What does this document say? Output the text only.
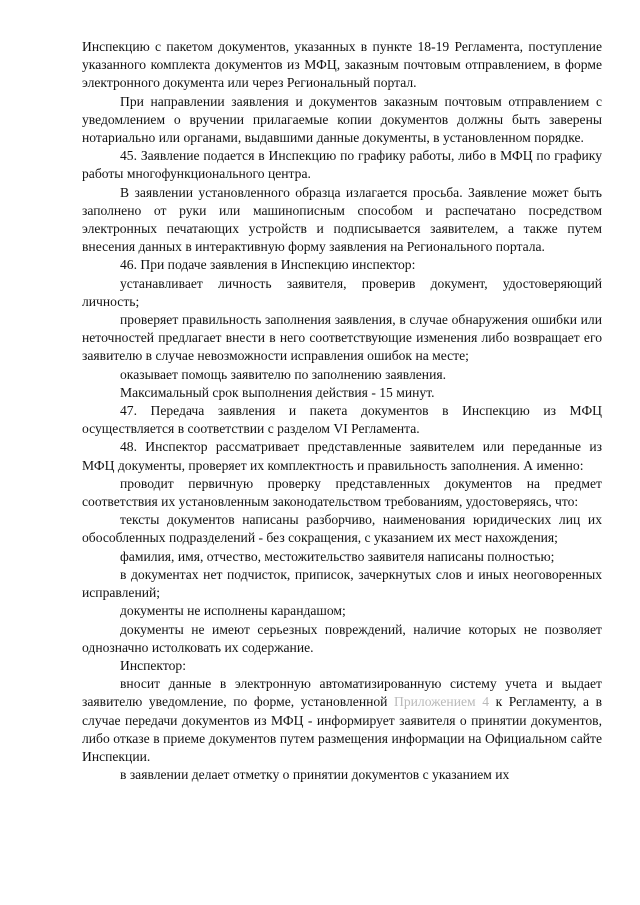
Инспекцию с пакетом документов, указанных в пункте 18-19 Регламента, поступление указанного комплекта документов из МФЦ, заказным почтовым отправлением, в форме электронного документа или через Региональный портал.

При направлении заявления и документов заказным почтовым отправлением с уведомлением о вручении прилагаемые копии документов должны быть заверены нотариально или органами, выдавшими данные документы, в установленном порядке.

45. Заявление подается в Инспекцию по графику работы, либо в МФЦ по графику работы многофункционального центра.

В заявлении установленного образца излагается просьба. Заявление может быть заполнено от руки или машинописным способом и распечатано посредством электронных печатающих устройств и подписывается заявителем, а также путем внесения данных в интерактивную форму заявления на Регионального портала.

46. При подаче заявления в Инспекцию инспектор:

устанавливает личность заявителя, проверив документ, удостоверяющий личность;

проверяет правильность заполнения заявления, в случае обнаружения ошибки или неточностей предлагает внести в него соответствующие изменения либо возвращает его заявителю в случае невозможности исправления ошибок на месте;

оказывает помощь заявителю по заполнению заявления.

Максимальный срок выполнения действия - 15 минут.

47. Передача заявления и пакета документов в Инспекцию из МФЦ осуществляется в соответствии с разделом VI Регламента.

48. Инспектор рассматривает представленные заявителем или переданные из МФЦ документы, проверяет их комплектность и правильность заполнения. А именно:

проводит первичную проверку представленных документов на предмет соответствия их установленным законодательством требованиям, удостоверяясь, что:

тексты документов написаны разборчиво, наименования юридических лиц их обособленных подразделений - без сокращения, с указанием их мест нахождения;

фамилия, имя, отчество, местожительство заявителя написаны полностью;

в документах нет подчисток, приписок, зачеркнутых слов и иных неоговоренных исправлений;

документы не исполнены карандашом;

документы не имеют серьезных повреждений, наличие которых не позволяет однозначно истолковать их содержание.

Инспектор:

вносит данные в электронную автоматизированную систему учета и выдает заявителю уведомление, по форме, установленной Приложением 4 к Регламенту, а в случае передачи документов из МФЦ - информирует заявителя о принятии документов, либо отказе в приеме документов путем размещения информации на Официальном сайте Инспекции.

в заявлении делает отметку о принятии документов с указанием их
